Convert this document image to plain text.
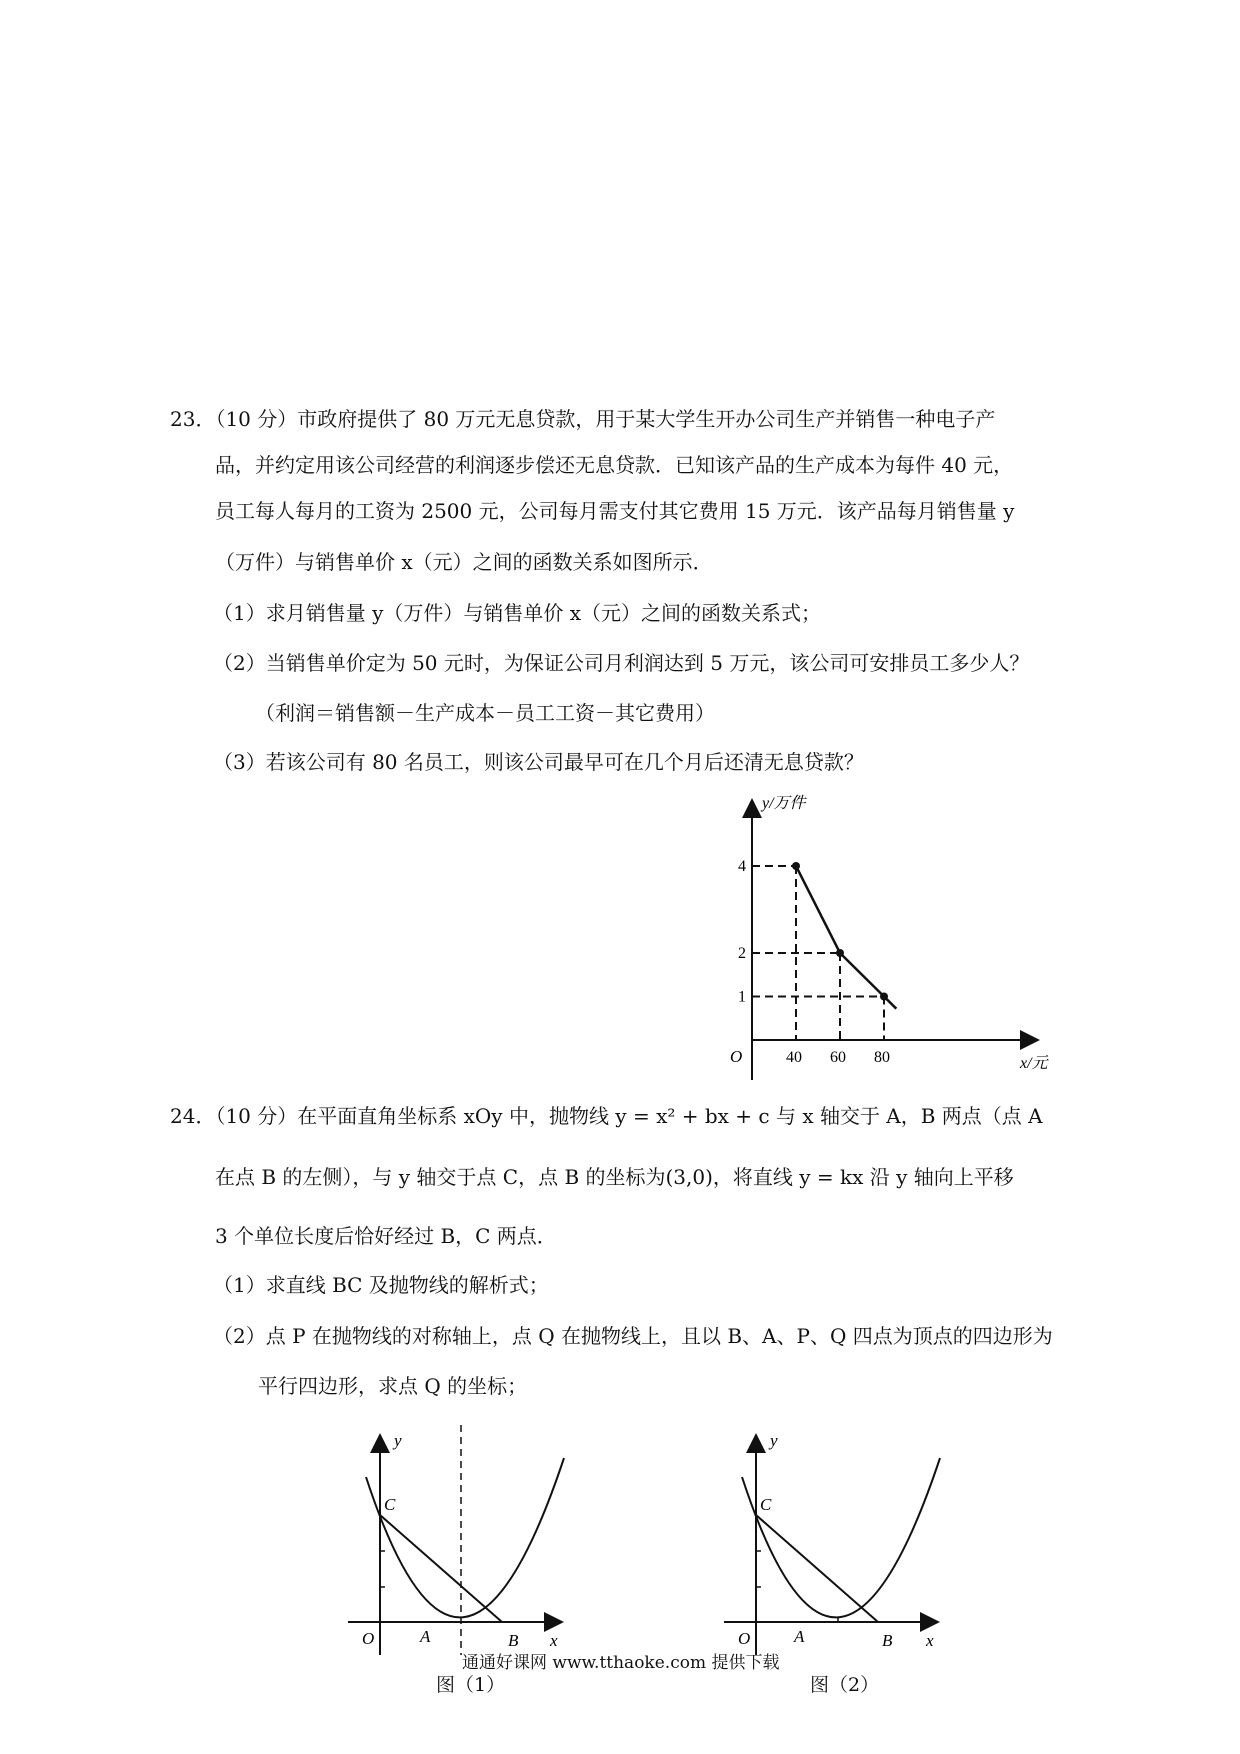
23．（10 分）市政府提供了 80 万元无息贷款，用于某大学生开办公司生产并销售一种电子产
品，并约定用该公司经营的利润逐步偿还无息贷款．已知该产品的生产成本为每件 40 元，
员工每人每月的工资为 2500 元，公司每月需支付其它费用 15 万元．该产品每月销售量 y
（万件）与销售单价 x（元）之间的函数关系如图所示．
（1）求月销售量 y（万件）与销售单价 x（元）之间的函数关系式；
（2）当销售单价定为 50 元时，为保证公司月利润达到 5 万元，该公司可安排员工多少人？
（利润＝销售额－生产成本－员工工资－其它费用）
（3）若该公司有 80 名员工，则该公司最早可在几个月后还清无息贷款？
40 60 80
4
2
1
y/万件
x/元
O
24．（10 分）在平面直角坐标系 xOy 中，抛物线 y = x² + bx + c 与 x 轴交于 A，B 两点（点 A
在点 B 的左侧），与 y 轴交于点 C，点 B 的坐标为(3,0)，将直线 y = kx 沿 y 轴向上平移
3 个单位长度后恰好经过 B，C 两点．
（1）求直线 BC 及抛物线的解析式；
（2）点 P 在抛物线的对称轴上，点 Q 在抛物线上，且以 B、A、P、Q 四点为顶点的四边形为
平行四边形，求点 Q 的坐标；
y
x
O
C
A	B
y
x
O
C
A	B
通通好课网 www.tthaoke.com 提供下载
图（1）	图（2）
